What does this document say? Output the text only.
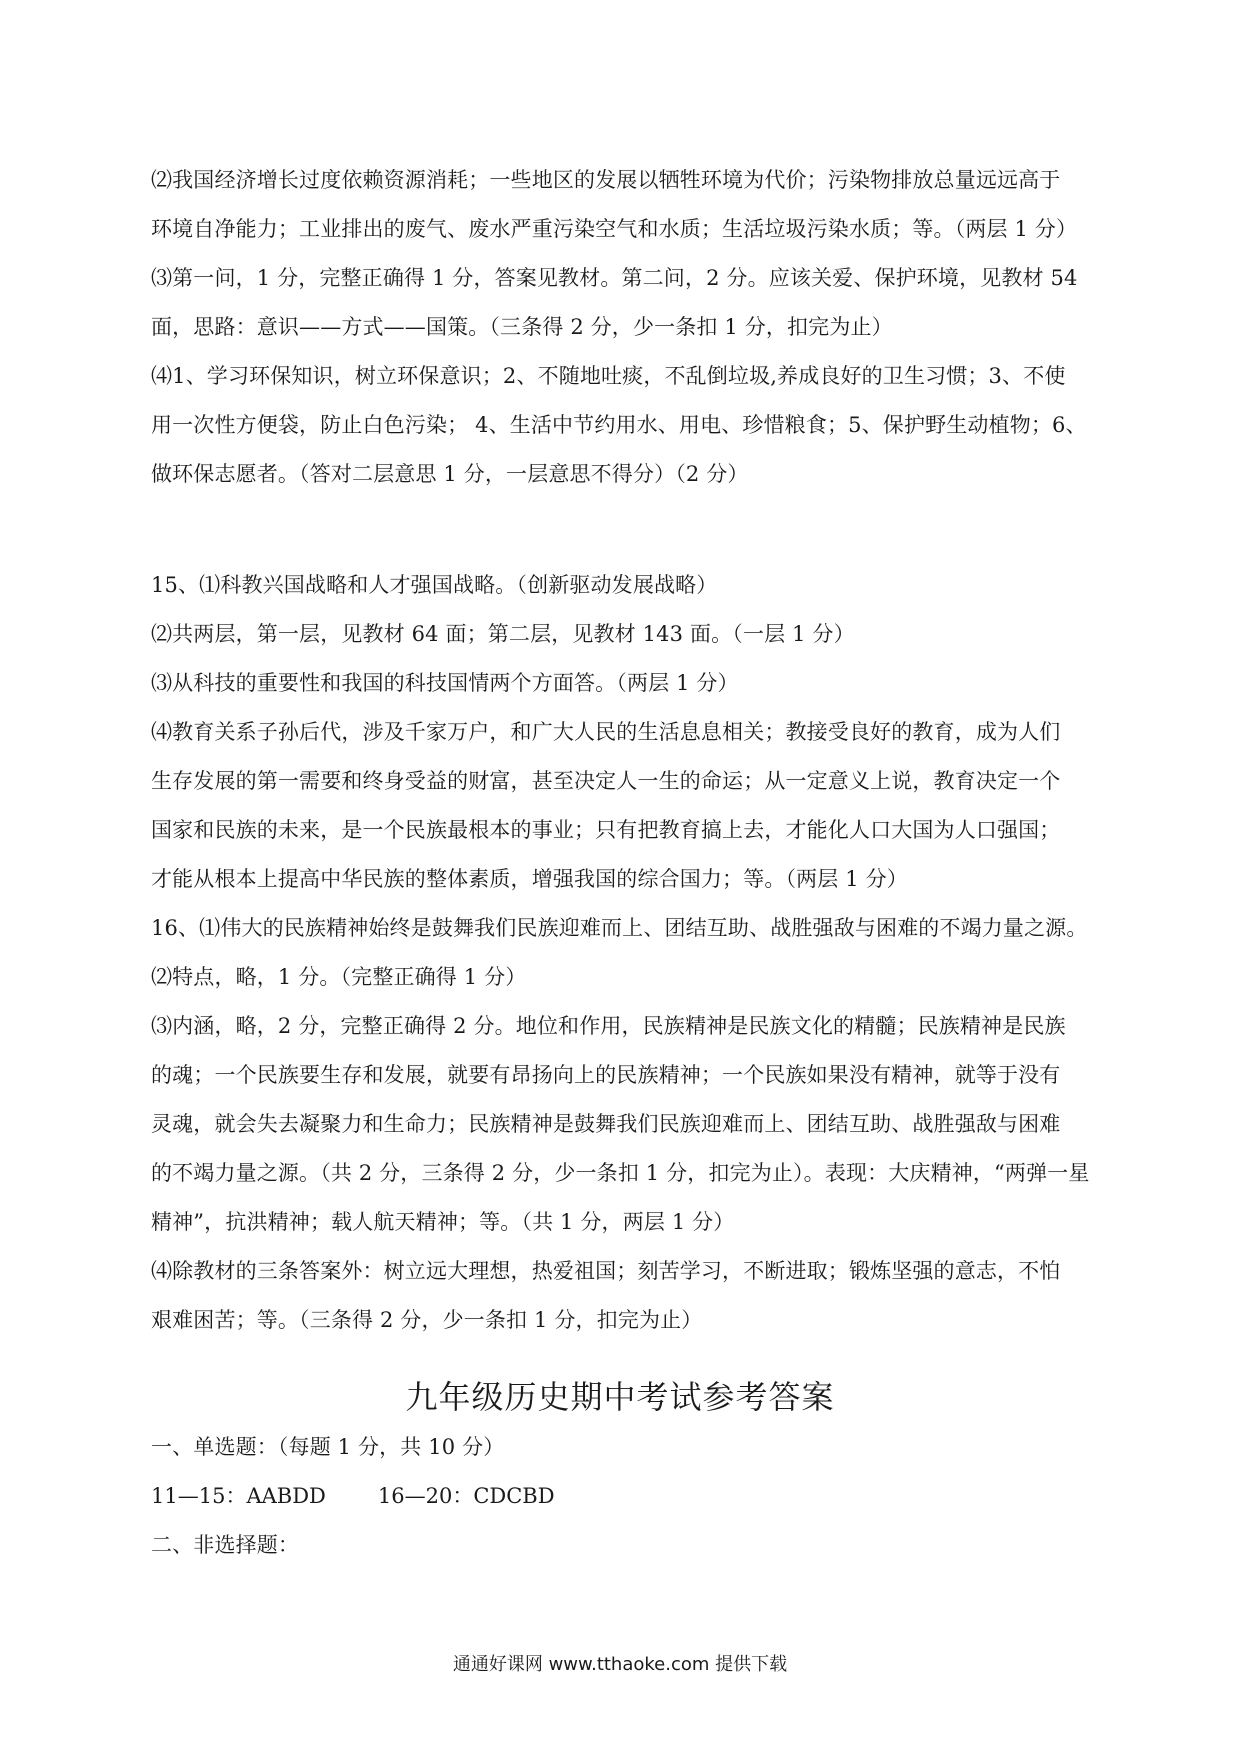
⑵我国经济增长过度依赖资源消耗；一些地区的发展以牺牲环境为代价；污染物排放总量远远高于
环境自净能力；工业排出的废气、废水严重污染空气和水质；生活垃圾污染水质；等。（两层 1 分）
⑶第一问，1 分，完整正确得 1 分，答案见教材。第二问，2 分。应该关爱、保护环境，见教材 54
面，思路：意识——方式——国策。（三条得 2 分，少一条扣 1 分，扣完为止）
⑷1、学习环保知识，树立环保意识；2、不随地吐痰，不乱倒垃圾,养成良好的卫生习惯；3、不使
用一次性方便袋，防止白色污染； 4、生活中节约用水、用电、珍惜粮食；5、保护野生动植物；6、
做环保志愿者。（答对二层意思 1 分，一层意思不得分）（2 分）
15、⑴科教兴国战略和人才强国战略。（创新驱动发展战略）
⑵共两层，第一层，见教材 64 面；第二层，见教材 143 面。（一层 1 分）
⑶从科技的重要性和我国的科技国情两个方面答。（两层 1 分）
⑷教育关系子孙后代，涉及千家万户，和广大人民的生活息息相关；教接受良好的教育，成为人们
生存发展的第一需要和终身受益的财富，甚至决定人一生的命运；从一定意义上说，教育决定一个
国家和民族的未来，是一个民族最根本的事业；只有把教育搞上去，才能化人口大国为人口强国；
才能从根本上提高中华民族的整体素质，增强我国的综合国力；等。（两层 1 分）
16、⑴伟大的民族精神始终是鼓舞我们民族迎难而上、团结互助、战胜强敌与困难的不竭力量之源。
⑵特点，略，1 分。（完整正确得 1 分）
⑶内涵，略，2 分，完整正确得 2 分。地位和作用，民族精神是民族文化的精髓；民族精神是民族
的魂；一个民族要生存和发展，就要有昂扬向上的民族精神；一个民族如果没有精神，就等于没有
灵魂，就会失去凝聚力和生命力；民族精神是鼓舞我们民族迎难而上、团结互助、战胜强敌与困难
的不竭力量之源。（共 2 分，三条得 2 分，少一条扣 1 分，扣完为止）。表现：大庆精神，“两弹一星
精神”，抗洪精神；载人航天精神；等。（共 1 分，两层 1 分）
⑷除教材的三条答案外：树立远大理想，热爱祖国；刻苦学习，不断进取；锻炼坚强的意志，不怕
艰难困苦；等。（三条得 2 分，少一条扣 1 分，扣完为止）
九年级历史期中考试参考答案
一、单选题：（每题 1 分，共 10 分）
11—15：AABDD 16—20：CDCBD
二、非选择题：
通通好课网 www.tthaoke.com 提供下载
